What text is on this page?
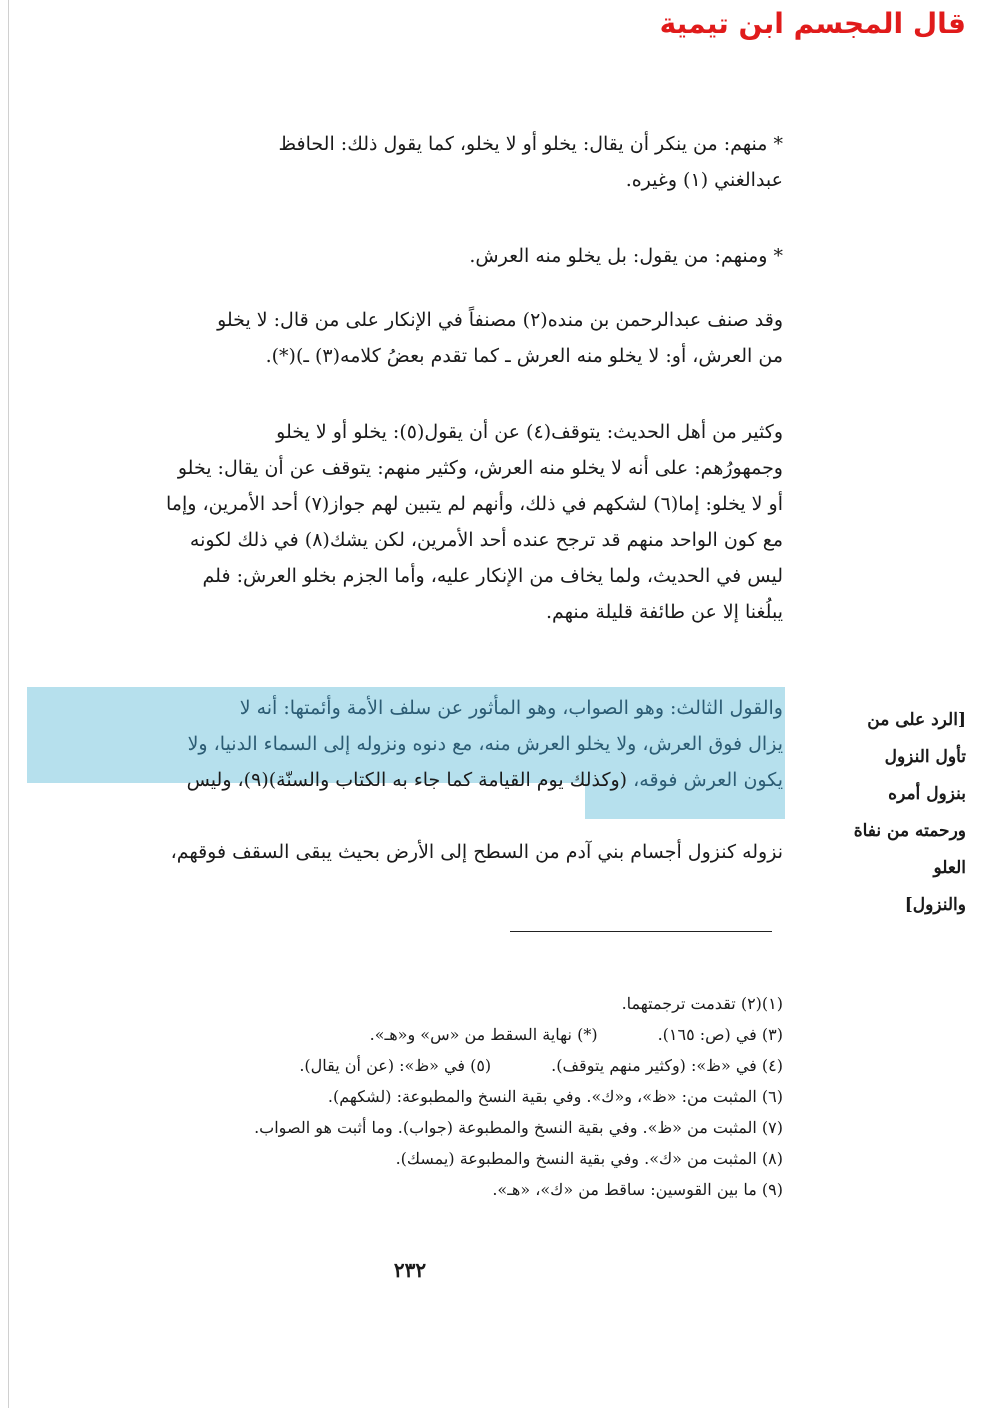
قال المجسم ابن تيمية
* منهم: من ينكر أن يقال: يخلو أو لا يخلو، كما يقول ذلك: الحافظ
عبدالغني (١) وغيره.
* ومنهم: من يقول: بل يخلو منه العرش.
وقد صنف عبدالرحمن بن منده(٢) مصنفاً في الإنكار على من قال: لا يخلو
من العرش، أو: لا يخلو منه العرش ـ كما تقدم بعضُ كلامه(٣) ـ)(*).
وكثير من أهل الحديث: يتوقف(٤) عن أن يقول(٥): يخلو أو لا يخلو
وجمهورُهم: على أنه لا يخلو منه العرش، وكثير منهم: يتوقف عن أن يقال: يخلو
أو لا يخلو: إما(٦) لشكهم في ذلك، وأنهم لم يتبين لهم جواز(٧) أحد الأمرين، وإما
مع كون الواحد منهم قد ترجح عنده أحد الأمرين، لكن يشك(٨) في ذلك لكونه
ليس في الحديث، ولما يخاف من الإنكار عليه، وأما الجزم بخلو العرش: فلم
يبلُغنا إلا عن طائفة قليلة منهم.
والقول الثالث: وهو الصواب، وهو المأثور عن سلف الأمة وأئمتها: أنه لا
يزال فوق العرش، ولا يخلو العرش منه، مع دنوه ونزوله إلى السماء الدنيا، ولا
يكون العرش فوقه، (وكذلك يوم القيامة كما جاء به الكتاب والسنّة)(٩)، وليس
نزوله كنزول أجسام بني آدم من السطح إلى الأرض بحيث يبقى السقف فوقهم،
[الرد على من
تأول النزول
بنزول أمره
ورحمته من نفاة
العلو
والنزول]
(١)(٢) تقدمت ترجمتهما.
(٣) في (ص: ١٦٥).
(*) نهاية السقط من «س» و«هـ».
(٤) في «ظ»: (وكثير منهم يتوقف).
(٥) في «ظ»: (عن أن يقال).
(٦) المثبت من: «ظ»، و«ك». وفي بقية النسخ والمطبوعة: (لشكهم).
(٧) المثبت من «ظ». وفي بقية النسخ والمطبوعة (جواب). وما أثبت هو الصواب.
(٨) المثبت من «ك». وفي بقية النسخ والمطبوعة (يمسك).
(٩) ما بين القوسين: ساقط من «ك»، «هـ».
٢٣٢
